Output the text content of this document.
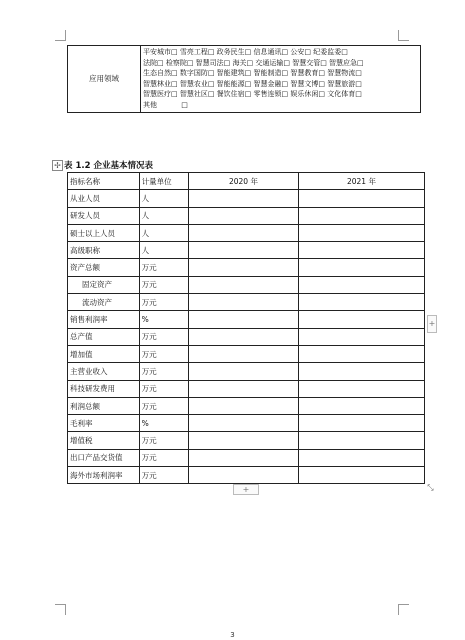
应用领域	
平安城市□ 雪亮工程□ 政务民生□ 信息通讯□ 公安□ 纪委监委□
法院□ 检察院□ 智慧司法□ 海关□ 交通运输□ 智慧交管□ 智慧应急□
生态自然□ 数字国防□ 智能建筑□ 智能制造□ 智慧教育□ 智慧物流□
智慧林业□ 智慧农业□ 智能能源□ 智慧金融□ 智慧文博□ 智慧旅游□
智慧医疗□ 智慧社区□ 餐饮住宿□ 零售连锁□ 娱乐休闲□ 文化体育□
其他	□
✢ 表 1.2 企业基本情况表
指标名称	计量单位	2020 年	2021 年
从业人员	人		
研发人员	人		
硕士以上人员	人		
高级职称	人		
资产总额	万元		
固定资产	万元		
流动资产	万元		
销售利润率	%		
总产值	万元		
增加值	万元		
主营业收入	万元		
科技研发费用	万元		
利润总额	万元		
毛利率	%		
增值税	万元		
出口产品交货值	万元		
海外市场利润率	万元		
+
+	⤡
3
